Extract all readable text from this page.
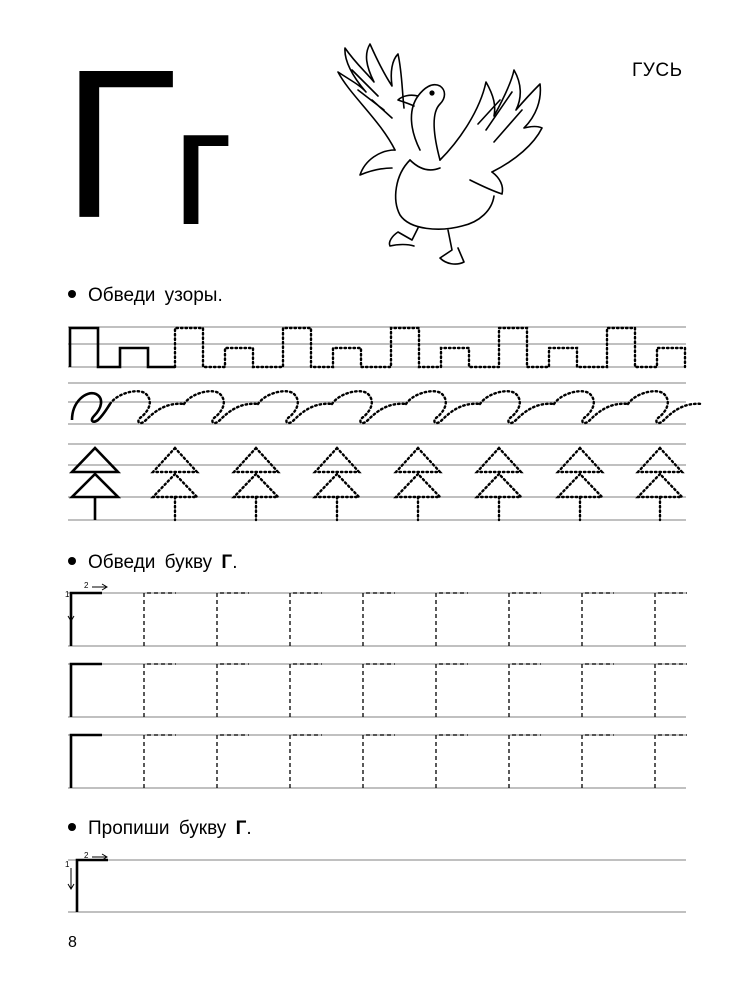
Г
г
ГУСЬ
Обведи узоры.
Обведи букву Г.
1
2
1
2
Пропиши букву Г.
8
